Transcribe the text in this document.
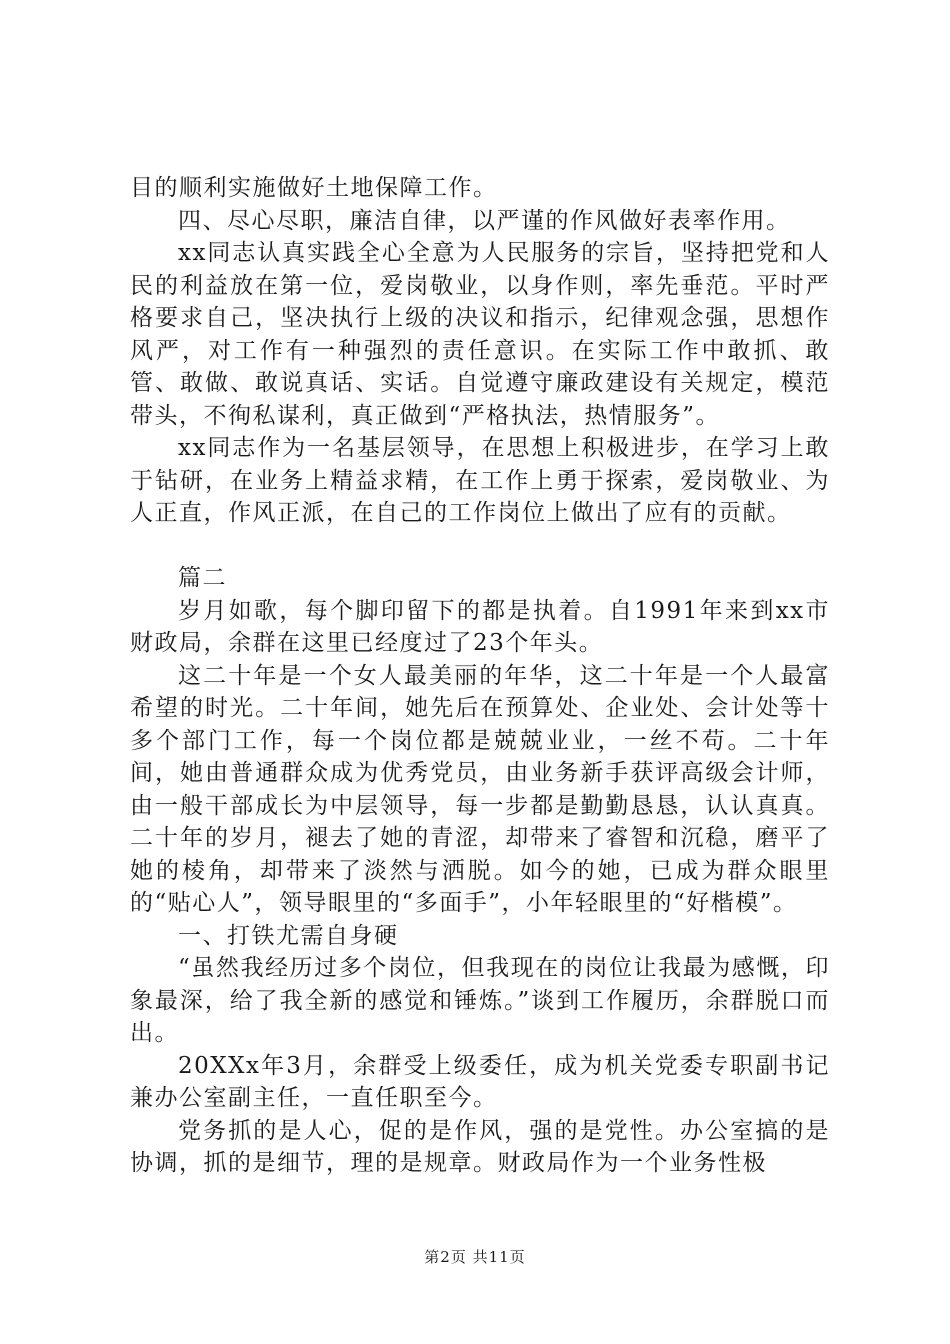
目的顺利实施做好土地保障工作。

四、尽心尽职，廉洁自律，以严谨的作风做好表率作用。

xx同志认真实践全心全意为人民服务的宗旨，坚持把党和人民的利益放在第一位，爱岗敬业，以身作则，率先垂范。平时严格要求自己，坚决执行上级的决议和指示，纪律观念强，思想作风严，对工作有一种强烈的责任意识。在实际工作中敢抓、敢管、敢做、敢说真话、实话。自觉遵守廉政建设有关规定，模范带头，不徇私谋利，真正做到“严格执法，热情服务”。

xx同志作为一名基层领导，在思想上积极进步，在学习上敢于钻研，在业务上精益求精，在工作上勇于探索，爱岗敬业、为人正直，作风正派，在自己的工作岗位上做出了应有的贡献。

篇二

岁月如歌，每个脚印留下的都是执着。自1991年来到xx市财政局，余群在这里已经度过了23个年头。

这二十年是一个女人最美丽的年华，这二十年是一个人最富希望的时光。二十年间，她先后在预算处、企业处、会计处等十多个部门工作，每一个岗位都是兢兢业业，一丝不苟。二十年间，她由普通群众成为优秀党员，由业务新手获评高级会计师，由一般干部成长为中层领导，每一步都是勤勤恳恳，认认真真。二十年的岁月，褪去了她的青涩，却带来了睿智和沉稳，磨平了她的棱角，却带来了淡然与洒脱。如今的她，已成为群众眼里的“贴心人”，领导眼里的“多面手”，小年轻眼里的“好楷模”。

一、打铁尤需自身硬

“虽然我经历过多个岗位，但我现在的岗位让我最为感慨，印象最深，给了我全新的感觉和锤炼。”谈到工作履历，余群脱口而出。

20XXx年3月，余群受上级委任，成为机关党委专职副书记兼办公室副主任，一直任职至今。

党务抓的是人心，促的是作风，强的是党性。办公室搞的是协调，抓的是细节，理的是规章。财政局作为一个业务性极

第2页 共11页
